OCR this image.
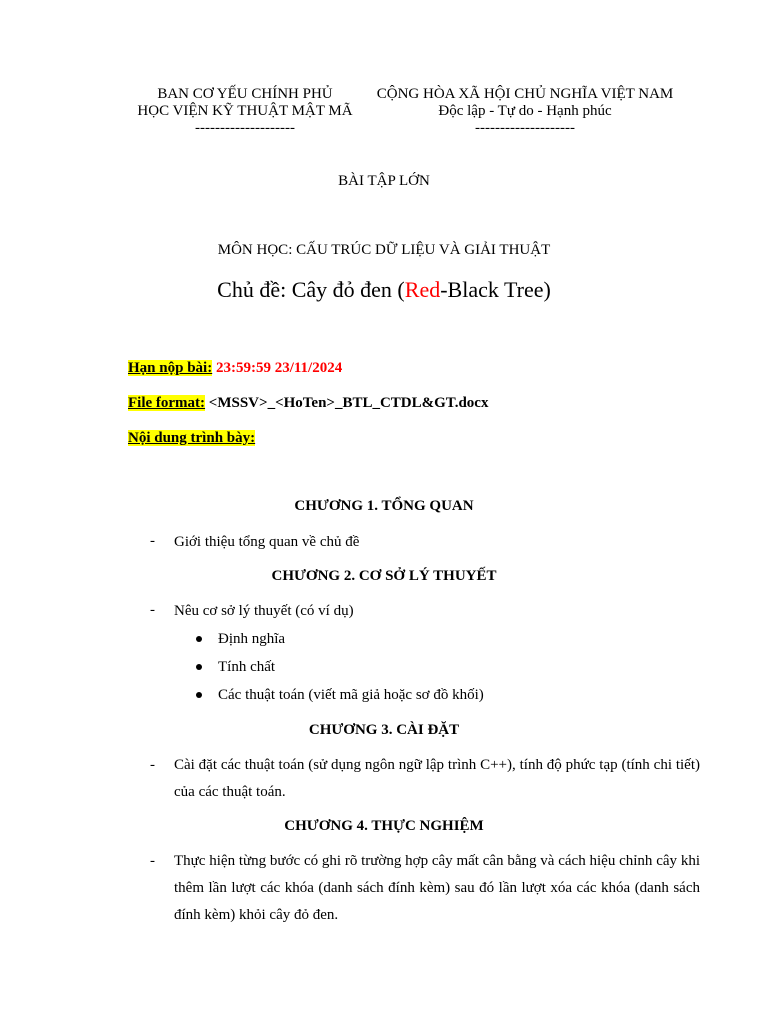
BAN CƠ YẾU CHÍNH PHỦ
HỌC VIỆN KỸ THUẬT MẬT MÃ
--------------------
CỘNG HÒA XÃ HỘI CHỦ NGHĨA VIỆT NAM
Độc lập - Tự do - Hạnh phúc
--------------------
BÀI TẬP LỚN
MÔN HỌC: CẤU TRÚC DỮ LIỆU VÀ GIẢI THUẬT
Chủ đề: Cây đỏ đen (Red-Black Tree)
Hạn nộp bài: 23:59:59 23/11/2024
File format: <MSSV>_<HoTen>_BTL_CTDL&GT.docx
Nội dung trình bày:
CHƯƠNG 1. TỔNG QUAN
- Giới thiệu tổng quan về chủ đề
CHƯƠNG 2. CƠ SỞ LÝ THUYẾT
- Nêu cơ sở lý thuyết (có ví dụ)
Định nghĩa
Tính chất
Các thuật toán (viết mã giả hoặc sơ đồ khối)
CHƯƠNG 3. CÀI ĐẶT
- Cài đặt các thuật toán (sử dụng ngôn ngữ lập trình C++), tính độ phức tạp (tính chi tiết) của các thuật toán.
CHƯƠNG 4. THỰC NGHIỆM
- Thực hiện từng bước có ghi rõ trường hợp cây mất cân bằng và cách hiệu chỉnh cây khi thêm lần lượt các khóa (danh sách đính kèm) sau đó lần lượt xóa các khóa (danh sách đính kèm) khỏi cây đỏ đen.
